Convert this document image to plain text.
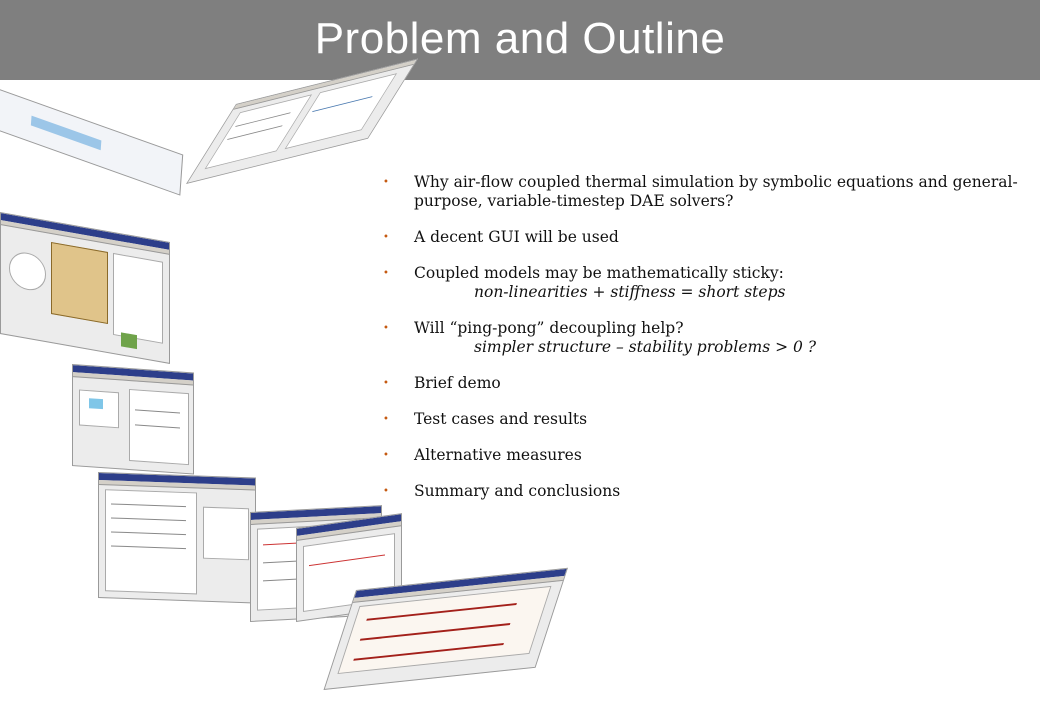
Problem and Outline
• Why air-flow coupled thermal simulation by symbolic equations and general-purpose, variable-timestep DAE solvers?
• A decent GUI will be used
• Coupled models may be mathematically sticky:
non-linearities + stiffness = short steps
• Will “ping-pong” decoupling help?
simpler structure – stability problems > 0 ?
• Brief demo
• Test cases and results
• Alternative measures
• Summary and conclusions
